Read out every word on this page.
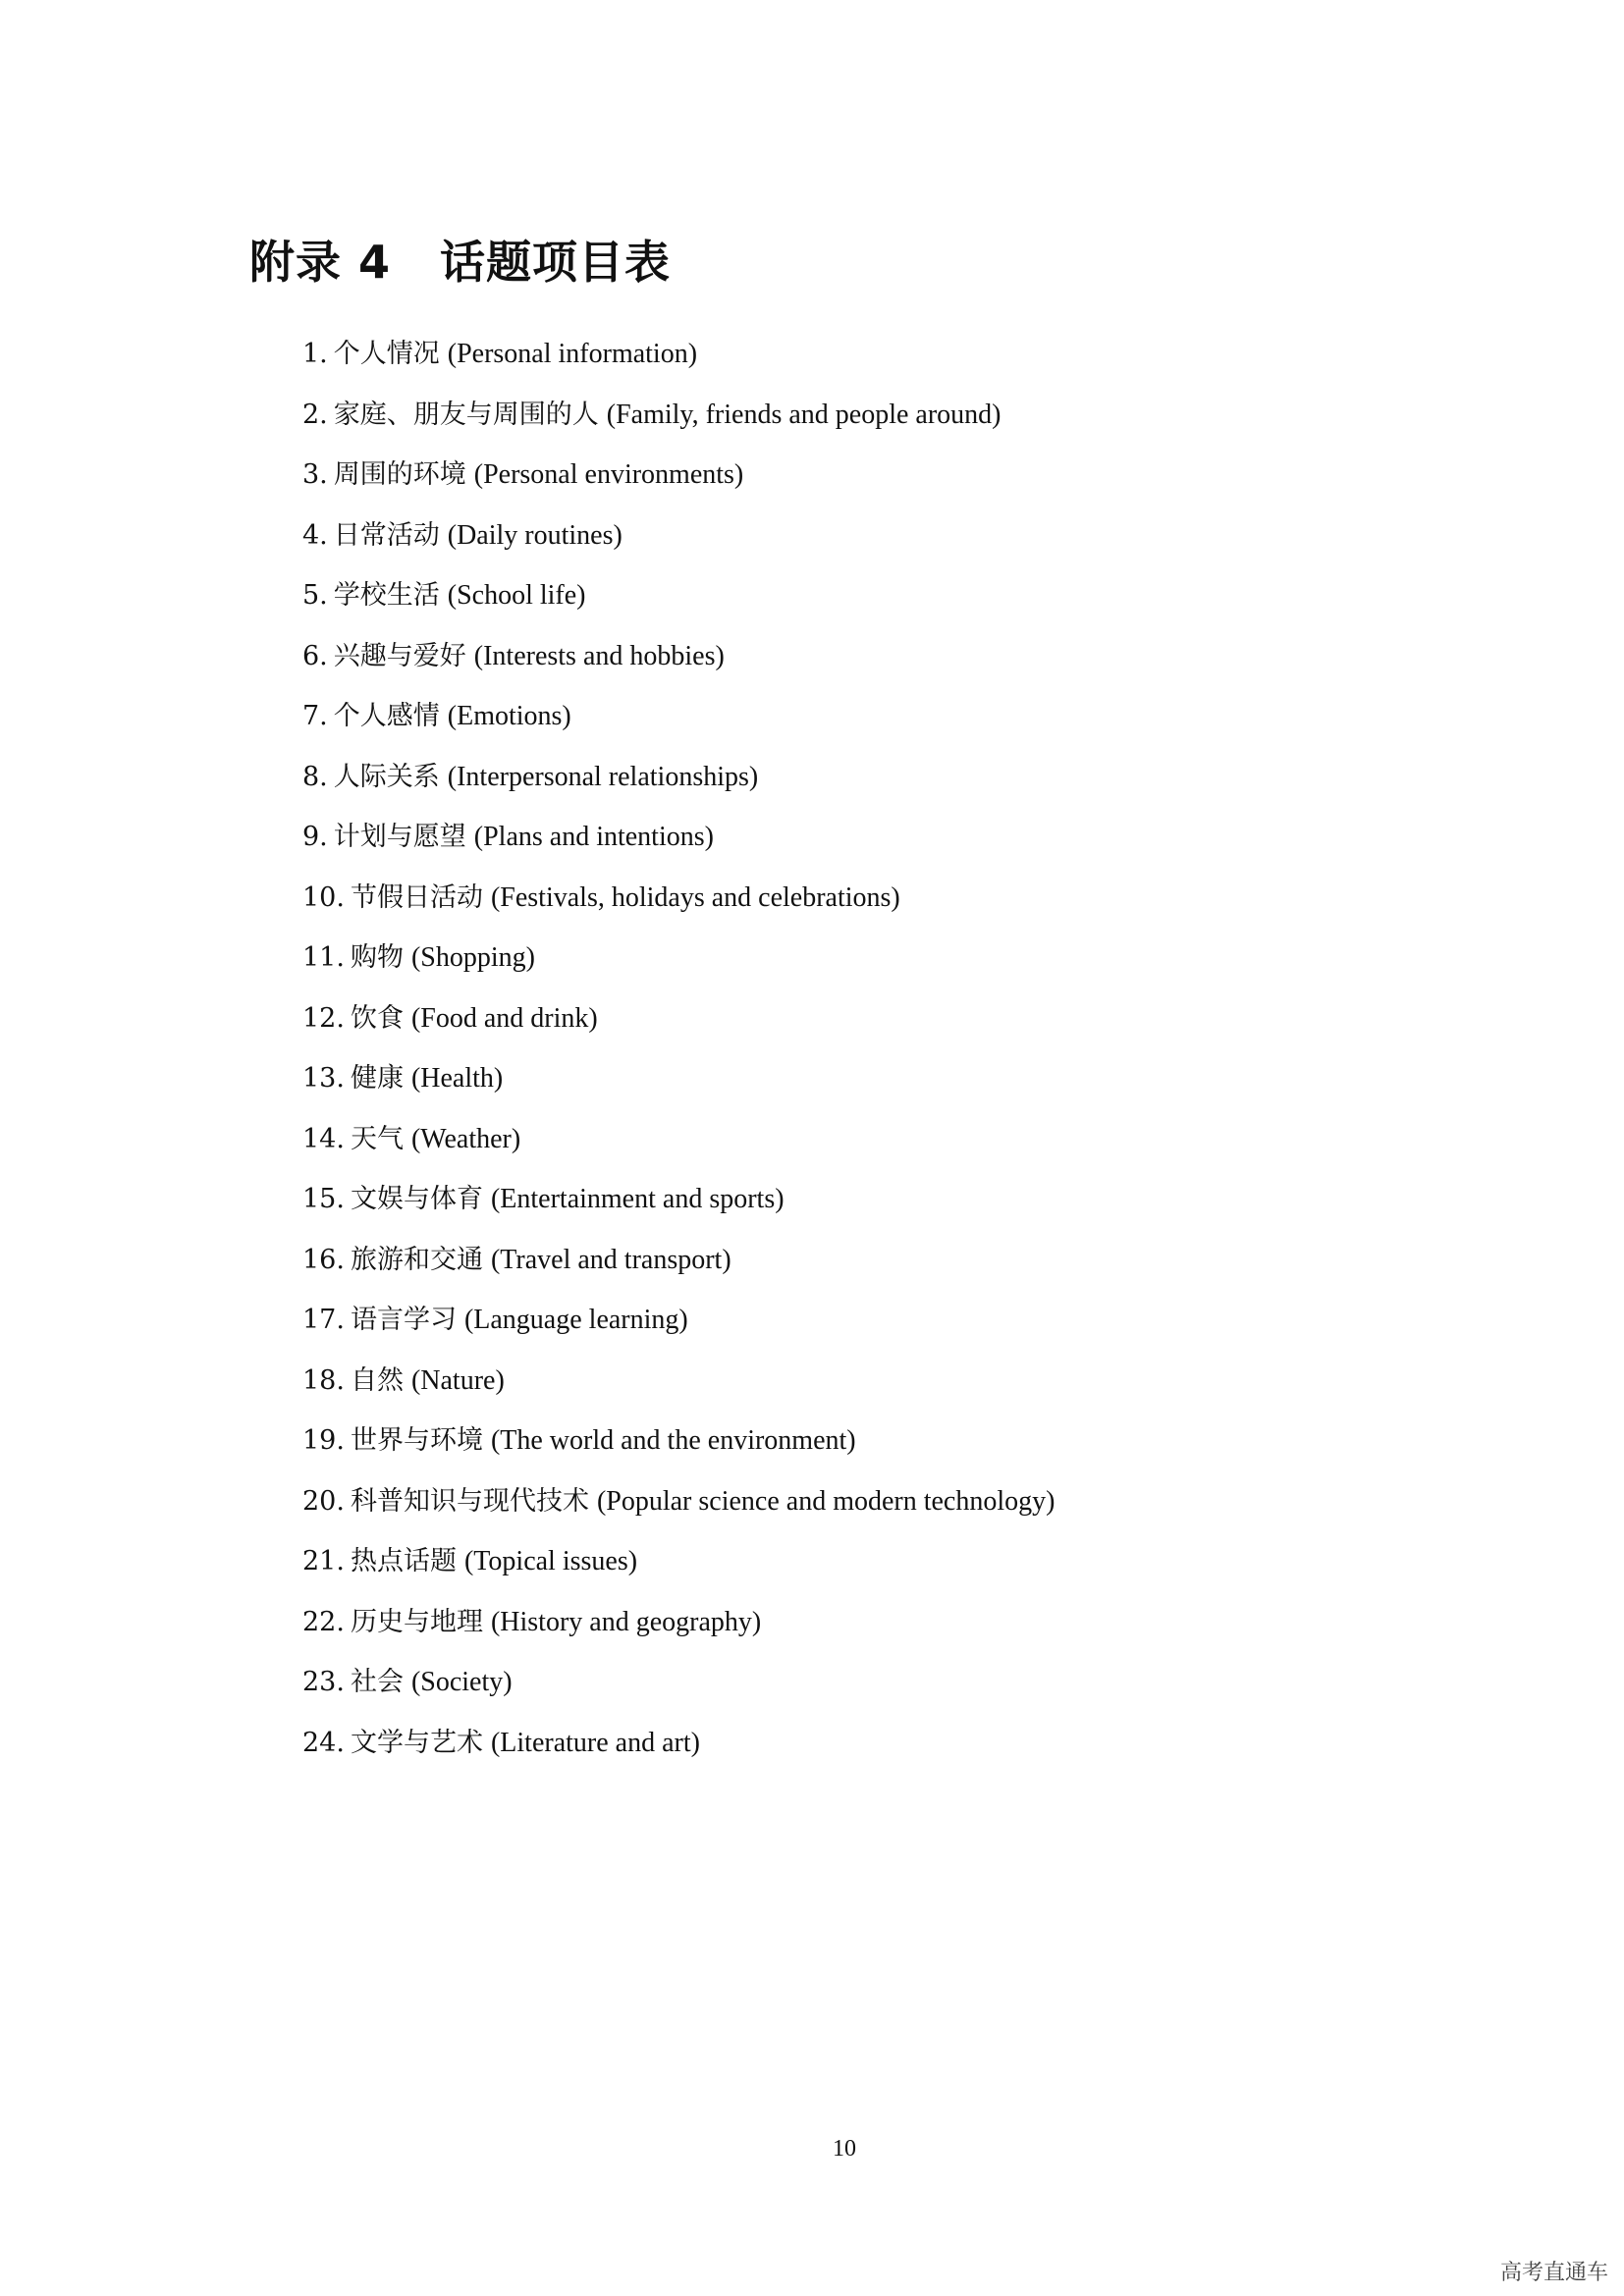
附录 4 话题项目表
1. 个人情况 (Personal information)
2. 家庭、朋友与周围的人 (Family, friends and people around)
3. 周围的环境 (Personal environments)
4. 日常活动 (Daily routines)
5. 学校生活 (School life)
6. 兴趣与爱好 (Interests and hobbies)
7. 个人感情 (Emotions)
8. 人际关系 (Interpersonal relationships)
9. 计划与愿望 (Plans and intentions)
10. 节假日活动 (Festivals, holidays and celebrations)
11. 购物 (Shopping)
12. 饮食 (Food and drink)
13. 健康 (Health)
14. 天气 (Weather)
15. 文娱与体育 (Entertainment and sports)
16. 旅游和交通 (Travel and transport)
17. 语言学习 (Language learning)
18. 自然 (Nature)
19. 世界与环境 (The world and the environment)
20. 科普知识与现代技术 (Popular science and modern technology)
21. 热点话题 (Topical issues)
22. 历史与地理 (History and geography)
23. 社会 (Society)
24. 文学与艺术 (Literature and art)
10
高考直通车
